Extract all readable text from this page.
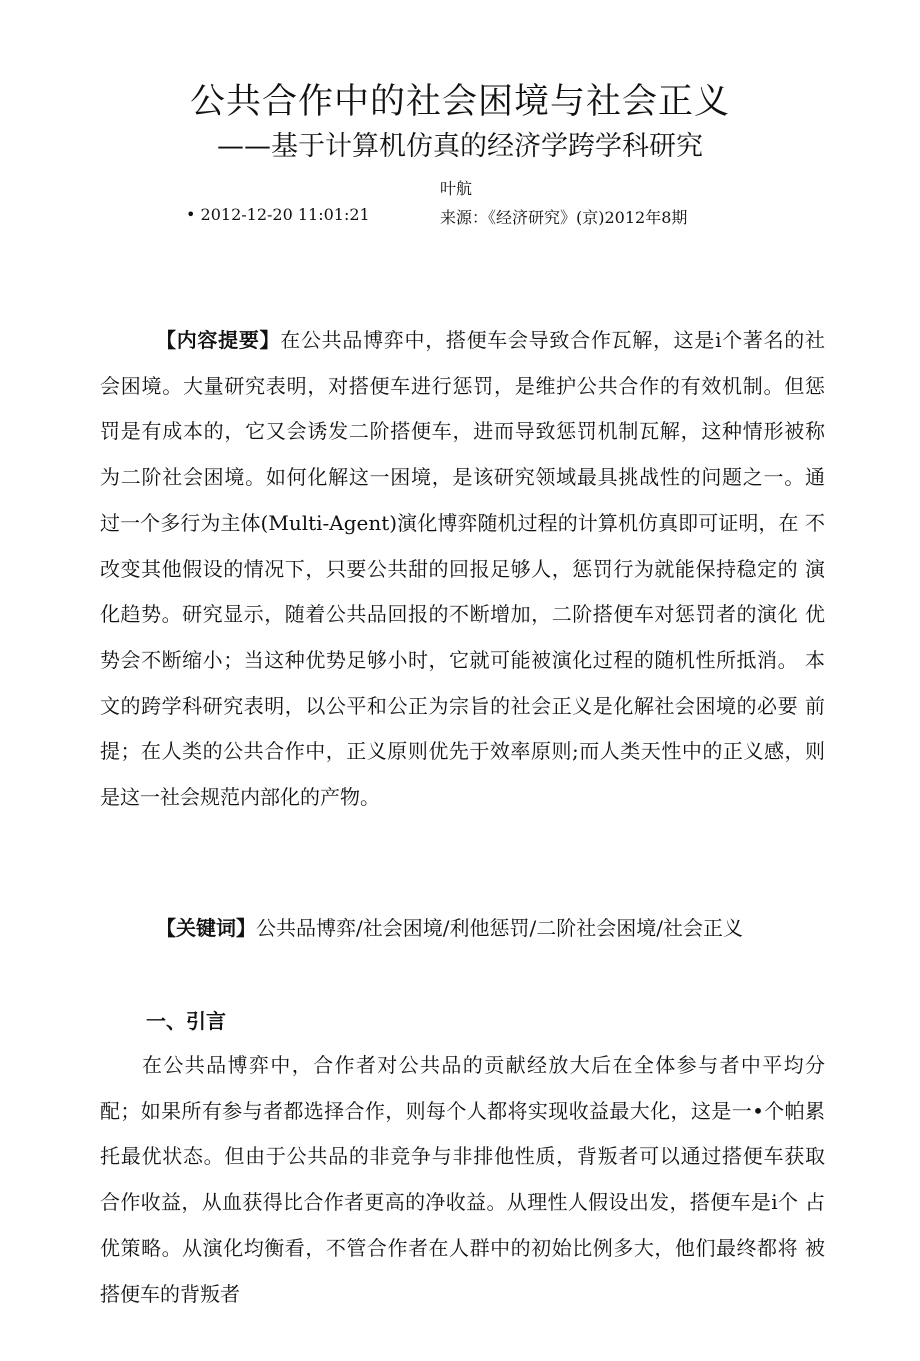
公共合作中的社会困境与社会正义
——基于计算机仿真的经济学跨学科研究
叶航
• 2012-12-20 11:01:21	来源：《经济研究》(京)2012年8期

【内容提要】在公共品博弈中，搭便车会导致合作瓦解，这是i个著名的社 会困境。大量研究表明，对搭便车进行惩罚，是维护公共合作的有效机制。但惩 罚是有成本的，它又会诱发二阶搭便车，进而导致惩罚机制瓦解，这种情形被称 为二阶社会困境。如何化解这一困境，是该研究领域最具挑战性的问题之一。通 过一个多行为主体(Multi-Agent)演化博弈随机过程的计算机仿真即可证明，在 不改变其他假设的情况下，只要公共甜的回报足够人，惩罚行为就能保持稳定的 演化趋势。研究显示，随着公共品回报的不断增加，二阶搭便车对惩罚者的演化 优势会不断缩小；当这种优势足够小时，它就可能被演化过程的随机性所抵消。 本文的跨学科研究表明，以公平和公正为宗旨的社会正义是化解社会困境的必要 前提；在人类的公共合作中，正义原则优先于效率原则;而人类天性中的正义感，则是这一社会规范内部化的产物。

【关键词】公共品博弈/社会困境/利他惩罚/二阶社会困境/社会正义

一、引言

在公共品博弈中，合作者对公共品的贡献经放大后在全体参与者中平均分 配；如果所有参与者都选择合作，则每个人都将实现收益最大化，这是一•个帕累 托最优状态。但由于公共品的非竞争与非排他性质，背叛者可以通过搭便车获取 合作收益，从血获得比合作者更高的净收益。从理性人假设出发，搭便车是i个 占优策略。从演化均衡看，不管合作者在人群中的初始比例多大，他们最终都将 被搭便车的背叛者
